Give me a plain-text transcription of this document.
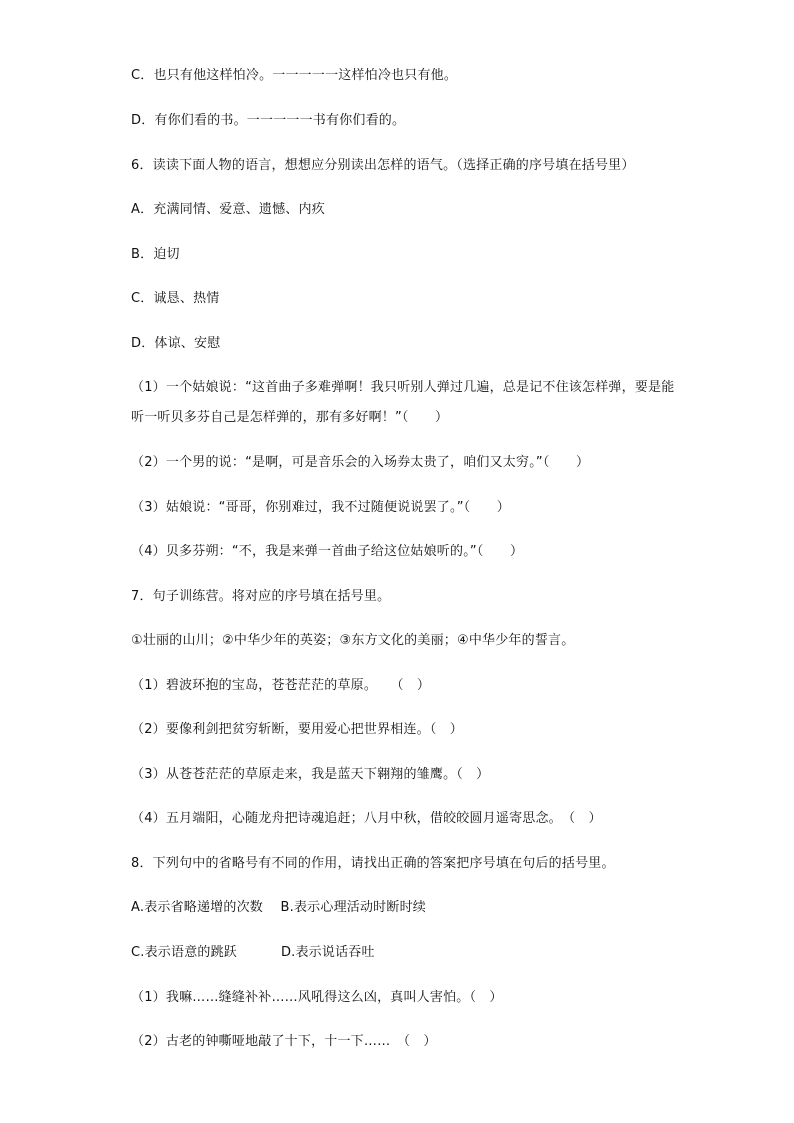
C．也只有他这样怕冷。一一一一一这样怕冷也只有他。
D．有你们看的书。一一一一一书有你们看的。
6．读读下面人物的语言，想想应分别读出怎样的语气。（选择正确的序号填在括号里）
A．充满同情、爱意、遗憾、内疚
B．迫切
C．诚恳、热情
D．体谅、安慰
（1）一个姑娘说：“这首曲子多难弹啊！我只听别人弹过几遍，总是记不住该怎样弹，要是能听一听贝多芬自己是怎样弹的，那有多好啊！”（　　）
（2）一个男的说：“是啊，可是音乐会的入场券太贵了，咱们又太穷。”（　　）
（3）姑娘说：“哥哥，你别难过，我不过随便说说罢了。”（　　）
（4）贝多芬朔：“不，我是来弹一首曲子给这位姑娘听的。”（　　）
7．句子训练营。将对应的序号填在括号里。
①壮丽的山川；②中华少年的英姿；③东方文化的美丽；④中华少年的誓言。
（1）碧波环抱的宝岛，苍苍茫茫的草原。　　（　）
（2）要像利剑把贫穷斩断，要用爱心把世界相连。（　）
（3）从苍苍茫茫的草原走来，我是蓝天下翱翔的雏鹰。（　）
（4）五月端阳，心随龙舟把诗魂追赶；八月中秋，借皎皎圆月遥寄思念。　（　）
8．下列句中的省略号有不同的作用，请找出正确的答案把序号填在句后的括号里。
A.表示省略递增的次数　 B.表示心理活动时断时续
C.表示语意的跳跃　　　 D.表示说话吞吐
（1）我嘛……缝缝补补……风吼得这么凶，真叫人害怕。（　）
（2）古老的钟嘶哑地敲了十下，十一下……　（　）
